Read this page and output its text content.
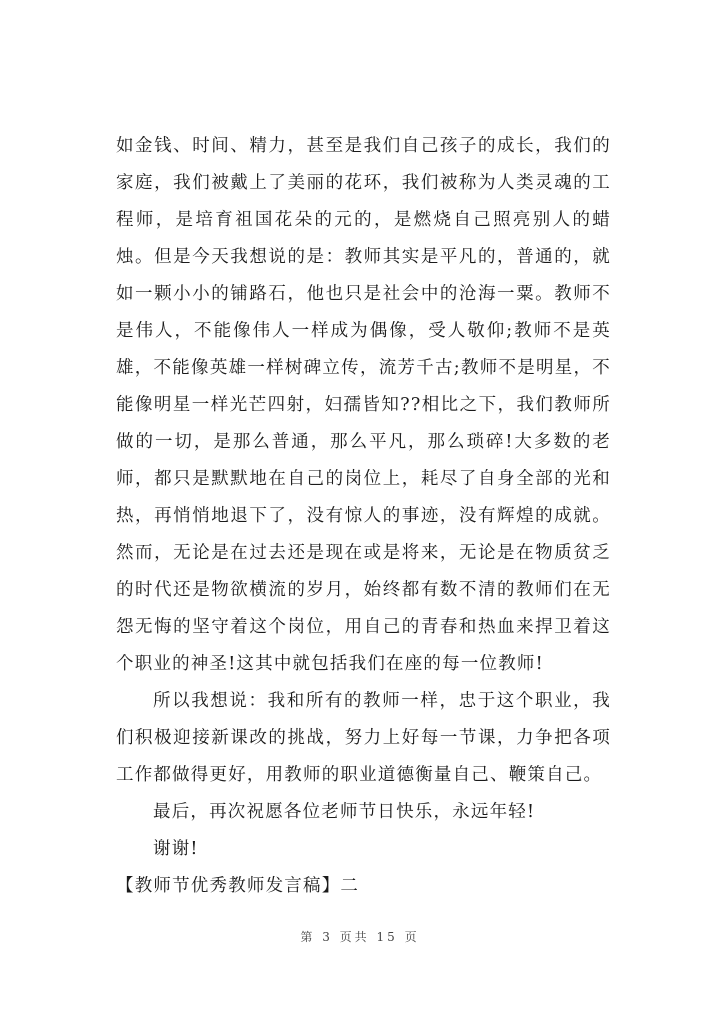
如金钱、时间、精力，甚至是我们自己孩子的成长，我们的家庭，我们被戴上了美丽的花环，我们被称为人类灵魂的工程师，是培育祖国花朵的元的，是燃烧自己照亮别人的蜡烛。但是今天我想说的是：教师其实是平凡的，普通的，就如一颗小小的铺路石，他也只是社会中的沧海一粟。教师不是伟人，不能像伟人一样成为偶像，受人敬仰;教师不是英雄，不能像英雄一样树碑立传，流芳千古;教师不是明星，不能像明星一样光芒四射，妇孺皆知??相比之下，我们教师所做的一切，是那么普通，那么平凡，那么琐碎!大多数的老师，都只是默默地在自己的岗位上，耗尽了自身全部的光和热，再悄悄地退下了，没有惊人的事迹，没有辉煌的成就。然而，无论是在过去还是现在或是将来，无论是在物质贫乏的时代还是物欲横流的岁月，始终都有数不清的教师们在无怨无悔的坚守着这个岗位，用自己的青春和热血来捍卫着这个职业的神圣!这其中就包括我们在座的每一位教师!

所以我想说：我和所有的教师一样，忠于这个职业，我们积极迎接新课改的挑战，努力上好每一节课，力争把各项工作都做得更好，用教师的职业道德衡量自己、鞭策自己。

最后，再次祝愿各位老师节日快乐，永远年轻!

谢谢!

【教师节优秀教师发言稿】二

第 3 页共 15 页
